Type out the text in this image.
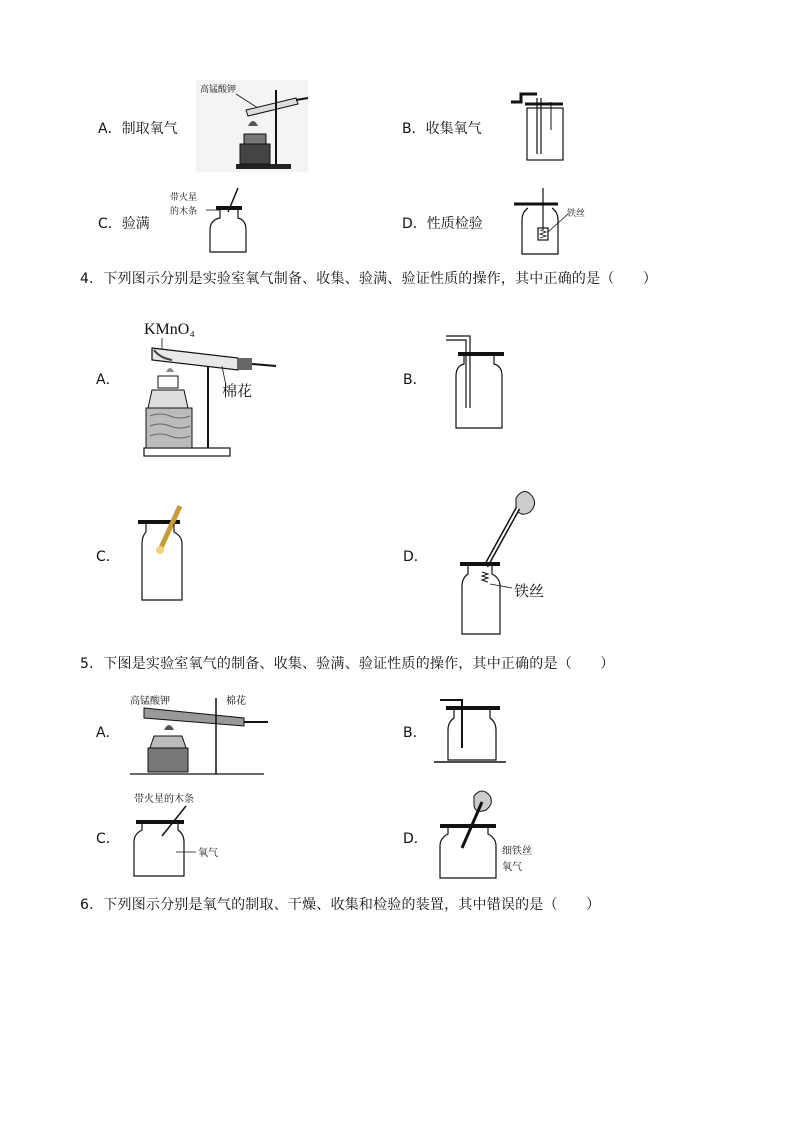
A．制取氧气
高锰酸钾
B．收集氧气
C．验满
带火星
的木条
D．性质检验
铁丝
4．下列图示分别是实验室氧气制备、收集、验满、验证性质的操作，其中正确的是（　　）
A．
KMnO₄
棉花
B．
C．	D．
铁丝
5．下图是实验室氧气的制备、收集、验满、验证性质的操作，其中正确的是（　　）
A．
高锰酸钾	棉花
B．
C．
带火星的木条
氧气
D．
细铁丝
氧气
6．下列图示分别是氧气的制取、干燥、收集和检验的装置，其中错误的是（　　）
